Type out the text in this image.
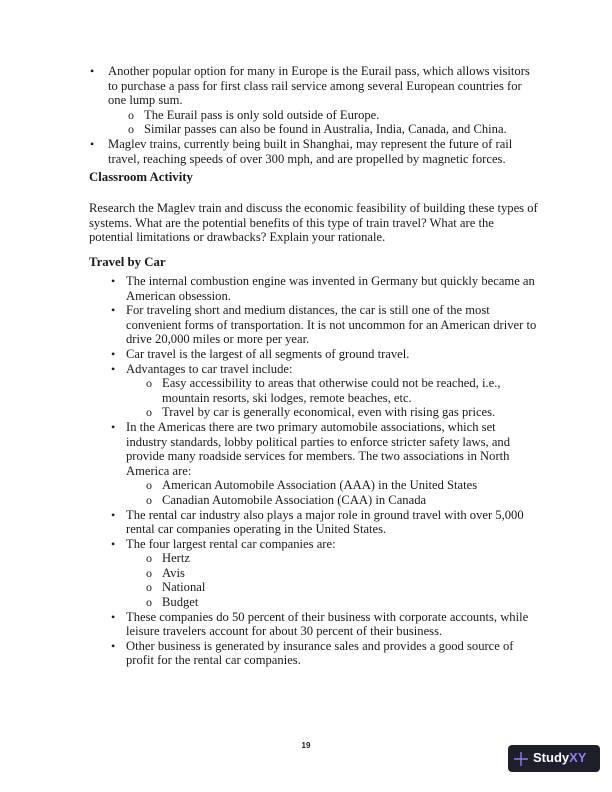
• Another popular option for many in Europe is the Eurail pass, which allows visitors to purchase a pass for first class rail service among several European countries for one lump sum.
o The Eurail pass is only sold outside of Europe.
o Similar passes can also be found in Australia, India, Canada, and China.
• Maglev trains, currently being built in Shanghai, may represent the future of rail travel, reaching speeds of over 300 mph, and are propelled by magnetic forces.
Classroom Activity

Research the Maglev train and discuss the economic feasibility of building these types of systems. What are the potential benefits of this type of train travel? What are the potential limitations or drawbacks? Explain your rationale.

Travel by Car
• The internal combustion engine was invented in Germany but quickly became an American obsession.
• For traveling short and medium distances, the car is still one of the most convenient forms of transportation. It is not uncommon for an American driver to drive 20,000 miles or more per year.
• Car travel is the largest of all segments of ground travel.
• Advantages to car travel include:
o Easy accessibility to areas that otherwise could not be reached, i.e., mountain resorts, ski lodges, remote beaches, etc.
o Travel by car is generally economical, even with rising gas prices.
• In the Americas there are two primary automobile associations, which set industry standards, lobby political parties to enforce stricter safety laws, and provide many roadside services for members. The two associations in North America are:
o American Automobile Association (AAA) in the United States
o Canadian Automobile Association (CAA) in Canada
• The rental car industry also plays a major role in ground travel with over 5,000 rental car companies operating in the United States.
• The four largest rental car companies are:
o Hertz
o Avis
o National
o Budget
• These companies do 50 percent of their business with corporate accounts, while leisure travelers account for about 30 percent of their business.
• Other business is generated by insurance sales and provides a good source of profit for the rental car companies.
19
Study XY
